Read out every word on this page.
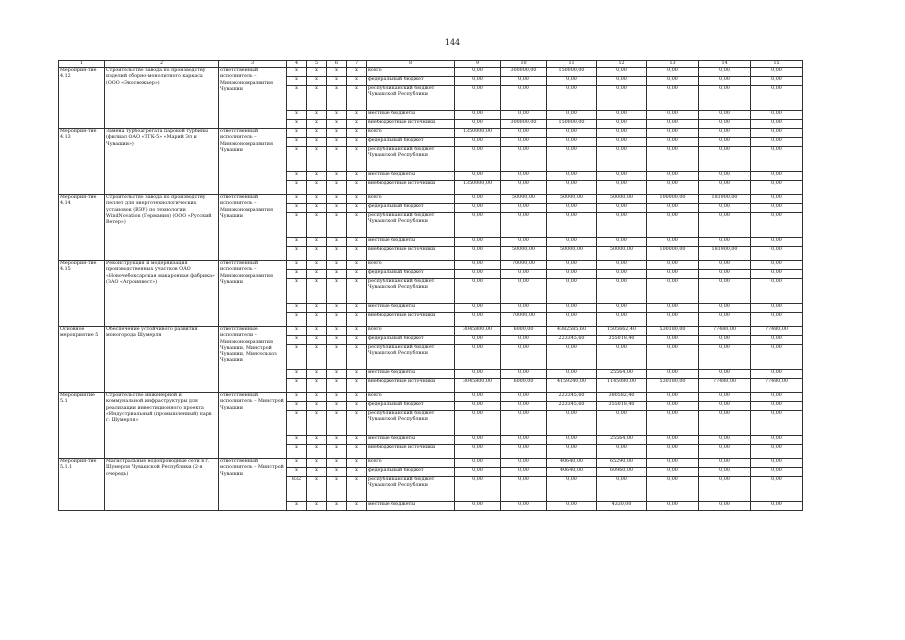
144
1	2	3	4	5	6	7	8	9	10	11	12	13	14	15
Мероприя-тие 4.12	Строительство завода по производству изделий сборно-монолитного каркаса (ООО «Экосвежьер»)	ответственный исполнитель – Минэкономразвития Чувашии	x	x	x	x	всего	0,00	300000,00	150000,00	0,00	0,00	0,00	0,00
			x	x	x	x	федеральный бюджет	0,00	0,00	0,00	0,00	0,00	0,00	0,00
			x	x	x	x	республиканский бюджет Чувашской Республики	0,00	0,00	0,00	0,00	0,00	0,00	0,00
			x	x	x	x	местные бюджеты	0,00	0,00	0,00	0,00	0,00	0,00	0,00
			x	x	x	x	внебюджетные источники	0,00	300000,00	150000,00	0,00	0,00	0,00	0,00
Мероприя-тие 4.13	Замена турбоагрегата паровой турбины (филиал ОАО «ТГК-5» «Марий Эл и Чувашии»)	ответственный исполнитель – Минэкономразвития Чувашии	x	x	x	x	всего	1350000,00	0,00	0,00	0,00	0,00	0,00	0,00
			x	x	x	x	федеральный бюджет	0,00	0,00	0,00	0,00	0,00	0,00	0,00
			x	x	x	x	республиканский бюджет Чувашской Республики	0,00	0,00	0,00	0,00	0,00	0,00	0,00
			x	x	x	x	местные бюджеты	0,00	0,00	0,00	0,00	0,00	0,00	0,00
			x	x	x	x	внебюджетные источники	1350000,00	0,00	0,00	0,00	0,00	0,00	0,00
Мероприя-тие 4.14	Строительство завода по производству пеллет для энерготехнологических установок (ВЭУ) по технологии WindNovation (Германия) (ООО «Русский Ветер»)	ответственный исполнитель – Минэкономразвития Чувашии	x	x	x	x	всего	0,00	50000,00	50000,00	50000,00	100000,00	181900,00	0,00
			x	x	x	x	федеральный бюджет	0,00	0,00	0,00	0,00	0,00	0,00	0,00
			x	x	x	x	республиканский бюджет Чувашской Республики	0,00	0,00	0,00	0,00	0,00	0,00	0,00
			x	x	x	x	местные бюджеты	0,00	0,00	0,00	0,00	0,00	0,00	0,00
			x	x	x	x	внебюджетные источники	0,00	50000,00	50000,00	50000,00	100000,00	181900,00	0,00
Мероприя-тие 4.15	Реконструкция и модернизация производственных участков ОАО «Новочебоксарская макаронная фабрика» (ЗАО «Агроинвест»)	ответственный исполнитель – Минэкономразвития Чувашии	x	x	x	x	всего	0,00	70000,00	0,00	0,00	0,00	0,00	0,00
			x	x	x	x	федеральный бюджет	0,00	0,00	0,00	0,00	0,00	0,00	0,00
			x	x	x	x	республиканский бюджет Чувашской Республики	0,00	0,00	0,00	0,00	0,00	0,00	0,00
			x	x	x	x	местные бюджеты	0,00	0,00	0,00	0,00	0,00	0,00	0,00
			x	x	x	x	внебюджетные источники	0,00	70000,00	0,00	0,00	0,00	0,00	0,00
Основное мероприятие 5	Обеспечение устойчивого развития моногорода Шумерля	ответственные исполнители – Минэкономразвития Чувашии, Минстрой Чувашии, Минсельхоз Чувашии	x	x	x	x	всего	3045800,00	6000,00	4382585,60	1505662,40	530180,00	77480,00	77480,00
			x	x	x	x	федеральный бюджет	0,00	0,00	223345,60	355018,40	0,00	0,00	0,00
			x	x	x	x	республиканский бюджет Чувашской Республики	0,00	0,00	0,00	0,00	0,00	0,00	0,00
			x	x	x	x	местные бюджеты	0,00	0,00	0,00	25564,00	0,00	0,00	0,00
			x	x	x	x	внебюджетные источники	3045800,00	6000,00	4159240,00	1145080,00	530180,00	77480,00	77480,00
Мероприятие 5.1	Строительство инженерной и коммунальной инфраструктуры для реализации инвестиционного проекта «Индустриальный (промышленный) парк г. Шумерля»	ответственный исполнитель – Минстрой Чувашии	x	x	x	x	всего	0,00	0,00	223345,60	380582,40	0,00	0,00	0,00
			x	x	x	x	федеральный бюджет	0,00	0,00	223345,60	355018,40	0,00	0,00	0,00
			x	x	x	x	республиканский бюджет Чувашской Республики	0,00	0,00	0,00	0,00	0,00	0,00	0,00
			x	x	x	x	местные бюджеты	0,00	0,00	0,00	25564,00	0,00	0,00	0,00
			x	x	x	x	внебюджетные источники	0,00	0,00	0,00	0,00	0,00	0,00	0,00
Мероприя-тие 5.1.1	Магистральные водопроводные сети в г. Шумерля Чувашской Республики (2-я очередь)	ответственный исполнитель – Минстрой Чувашии	x	x	x	x	всего	0,00	0,00	40640,00	65290,00	0,00	0,00	0,00
			x	x	x	x	федеральный бюджет	0,00	0,00	40640,00	60960,00	0,00	0,00	0,00
			832	x	x	x	республиканский бюджет Чувашской Республики	0,00	0,00	0,00	0,00	0,00	0,00	0,00
			x	x	x	x	местные бюджеты	0,00	0,00	0,00	4330,00	0,00	0,00	0,00
